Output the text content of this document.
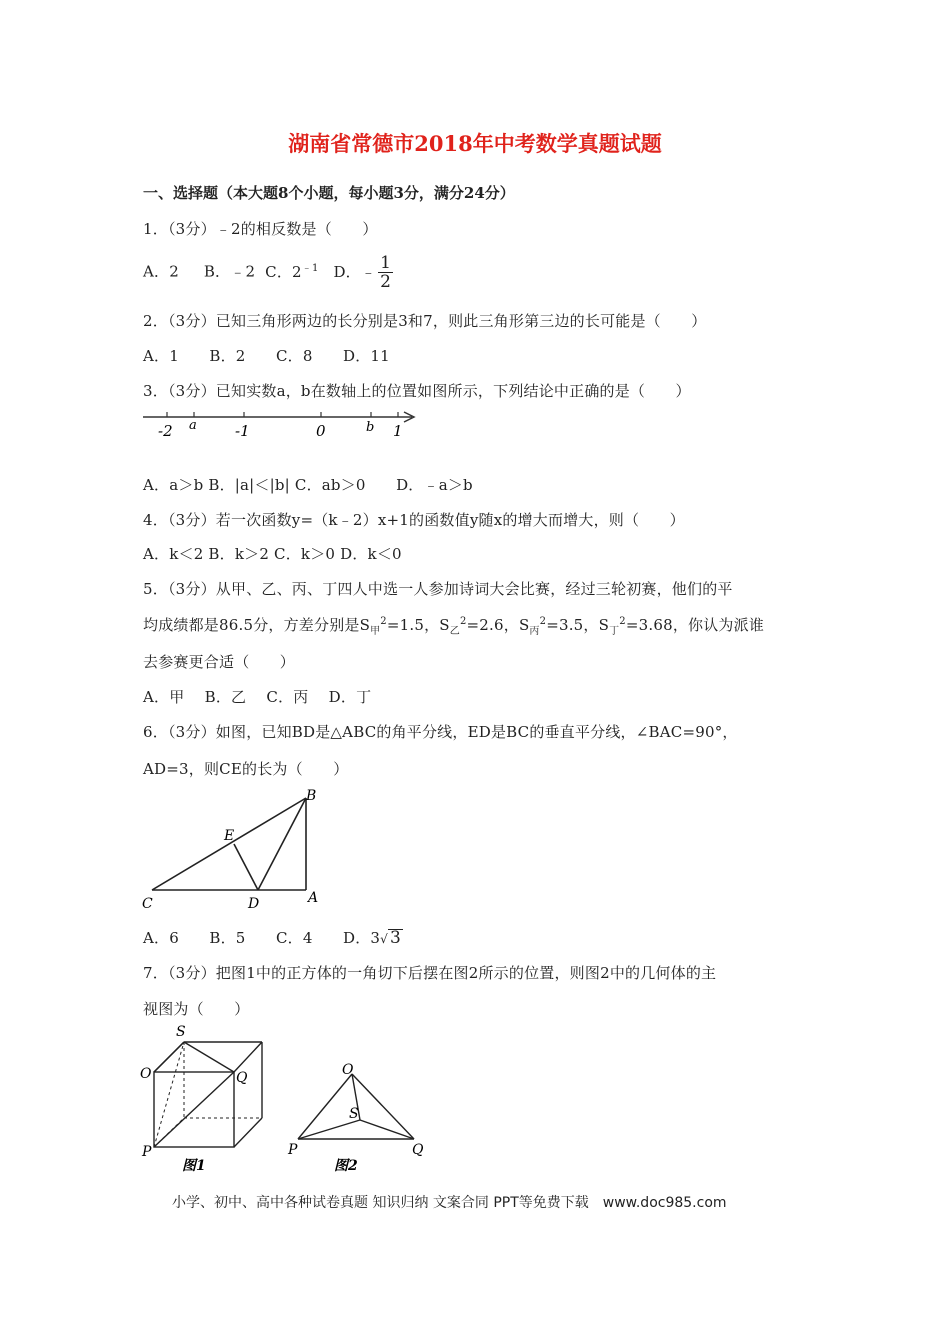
湖南省常德市2018年中考数学真题试题
一、选择题（本大题8个小题，每小题3分，满分24分）
1．（3分）﹣2的相反数是（　　）
A．2 B．﹣2 C．$2^{﹣1}$ D．﹣ $\frac{1}{2}$
2．（3分）已知三角形两边的长分别是3和7，则此三角形第三边的长可能是（　　）
A．1　　B．2　　C．8　　D．11
3．（3分）已知实数a，b在数轴上的位置如图所示，下列结论中正确的是（　　）
-2 a	-1	0	b 1
A．a＞b B．|a|＜|b| C．ab＞0　　D．﹣a＞b
4．（3分）若一次函数y=（k﹣2）x+1的函数值y随x的增大而增大，则（　　）
A．k＜2 B．k＞2 C．k＞0 D．k＜0
5．（3分）从甲、乙、丙、丁四人中选一人参加诗词大会比赛，经过三轮初赛，他们的平
均成绩都是86.5分，方差分别是$S_甲^2=1.5$，$S_乙^2=2.6$，$S_丙^2=3.5$，$S_丁^2=3.68$，你认为派谁
去参赛更合适（　　）
A．甲　 B．乙　 C．丙　 D．丁
6．（3分）如图，已知BD是△ABC的角平分线，ED是BC的垂直平分线，∠BAC=90°，
AD=3，则CE的长为（　　）
B
E
C	D	A
A．6　　B．5　　C．4　　D．3√ 3
7．（3分）把图1中的正方体的一角切下后摆在图2所示的位置，则图2中的几何体的主
视图为（　　）
S
O	Q
P
图1
O
S
P	Q
图2
小学、初中、高中各种试卷真题 知识归纳 文案合同 PPT等免费下载　www.doc985.com
